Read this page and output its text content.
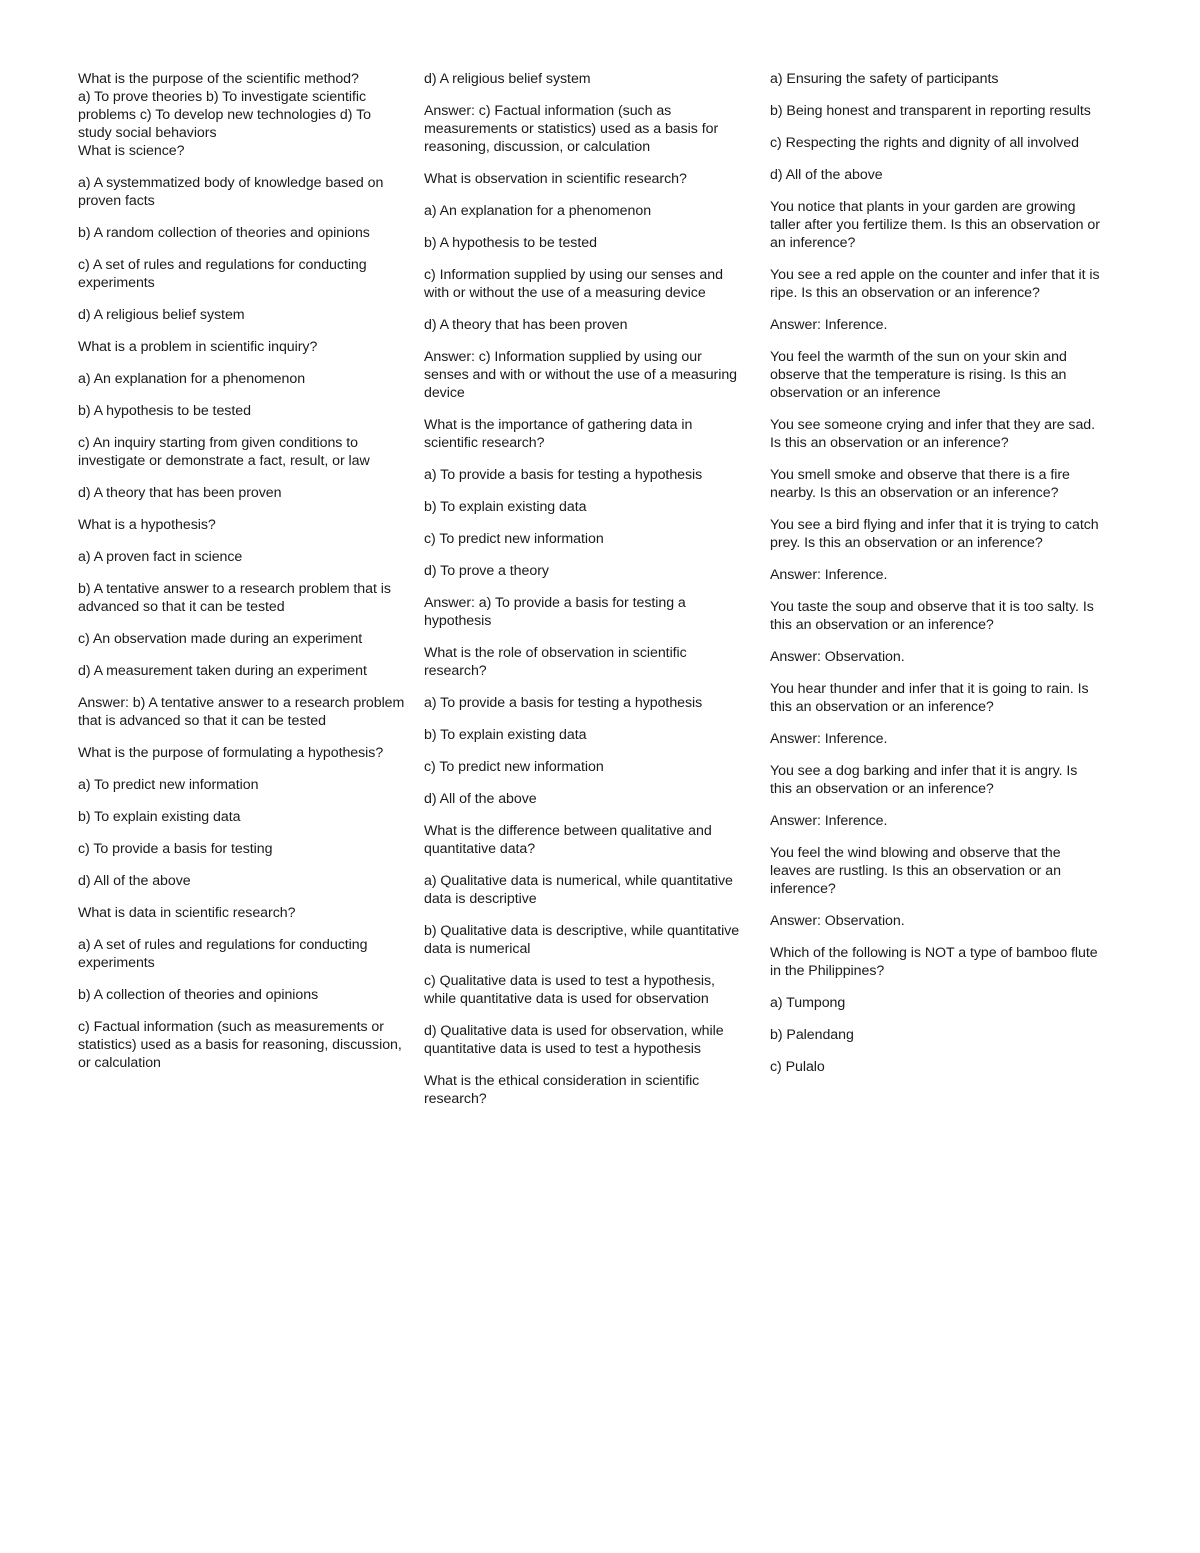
What is the purpose of the scientific method?
a) To prove theories b) To investigate scientific problems c) To develop new technologies d) To study social behaviors
What is science?

a) A systemmatized body of knowledge based on proven facts

b) A random collection of theories and opinions

c) A set of rules and regulations for conducting experiments

d) A religious belief system

What is a problem in scientific inquiry?

a) An explanation for a phenomenon

b) A hypothesis to be tested

c) An inquiry starting from given conditions to investigate or demonstrate a fact, result, or law

d) A theory that has been proven

What is a hypothesis?

a) A proven fact in science

b) A tentative answer to a research problem that is advanced so that it can be tested

c) An observation made during an experiment

d) A measurement taken during an experiment

Answer: b) A tentative answer to a research problem that is advanced so that it can be tested

What is the purpose of formulating a hypothesis?

a) To predict new information

b) To explain existing data

c) To provide a basis for testing

d) All of the above

What is data in scientific research?

a) A set of rules and regulations for conducting experiments

b) A collection of theories and opinions

c) Factual information (such as measurements or statistics) used as a basis for reasoning, discussion, or calculation

d) A religious belief system

Answer: c) Factual information (such as measurements or statistics) used as a basis for reasoning, discussion, or calculation

What is observation in scientific research?

a) An explanation for a phenomenon

b) A hypothesis to be tested

c) Information supplied by using our senses and with or without the use of a measuring device

d) A theory that has been proven

Answer: c) Information supplied by using our senses and with or without the use of a measuring device

What is the importance of gathering data in scientific research?

a) To provide a basis for testing a hypothesis

b) To explain existing data

c) To predict new information

d) To prove a theory

Answer: a) To provide a basis for testing a hypothesis

What is the role of observation in scientific research?

a) To provide a basis for testing a hypothesis

b) To explain existing data

c) To predict new information

d) All of the above

What is the difference between qualitative and quantitative data?

a) Qualitative data is numerical, while quantitative data is descriptive

b) Qualitative data is descriptive, while quantitative data is numerical

c) Qualitative data is used to test a hypothesis, while quantitative data is used for observation

d) Qualitative data is used for observation, while quantitative data is used to test a hypothesis

What is the ethical consideration in scientific research?

a) Ensuring the safety of participants

b) Being honest and transparent in reporting results

c) Respecting the rights and dignity of all involved

d) All of the above

You notice that plants in your garden are growing taller after you fertilize them. Is this an observation or an inference?

You see a red apple on the counter and infer that it is ripe. Is this an observation or an inference?

Answer: Inference.

You feel the warmth of the sun on your skin and observe that the temperature is rising. Is this an observation or an inference

You see someone crying and infer that they are sad. Is this an observation or an inference?

You smell smoke and observe that there is a fire nearby. Is this an observation or an inference?

You see a bird flying and infer that it is trying to catch prey. Is this an observation or an inference?

Answer: Inference.

You taste the soup and observe that it is too salty. Is this an observation or an inference?

Answer: Observation.

You hear thunder and infer that it is going to rain. Is this an observation or an inference?

Answer: Inference.

You see a dog barking and infer that it is angry. Is this an observation or an inference?

Answer: Inference.

You feel the wind blowing and observe that the leaves are rustling. Is this an observation or an inference?

Answer: Observation.

Which of the following is NOT a type of bamboo flute in the Philippines?

a) Tumpong

b) Palendang

c) Pulalo
